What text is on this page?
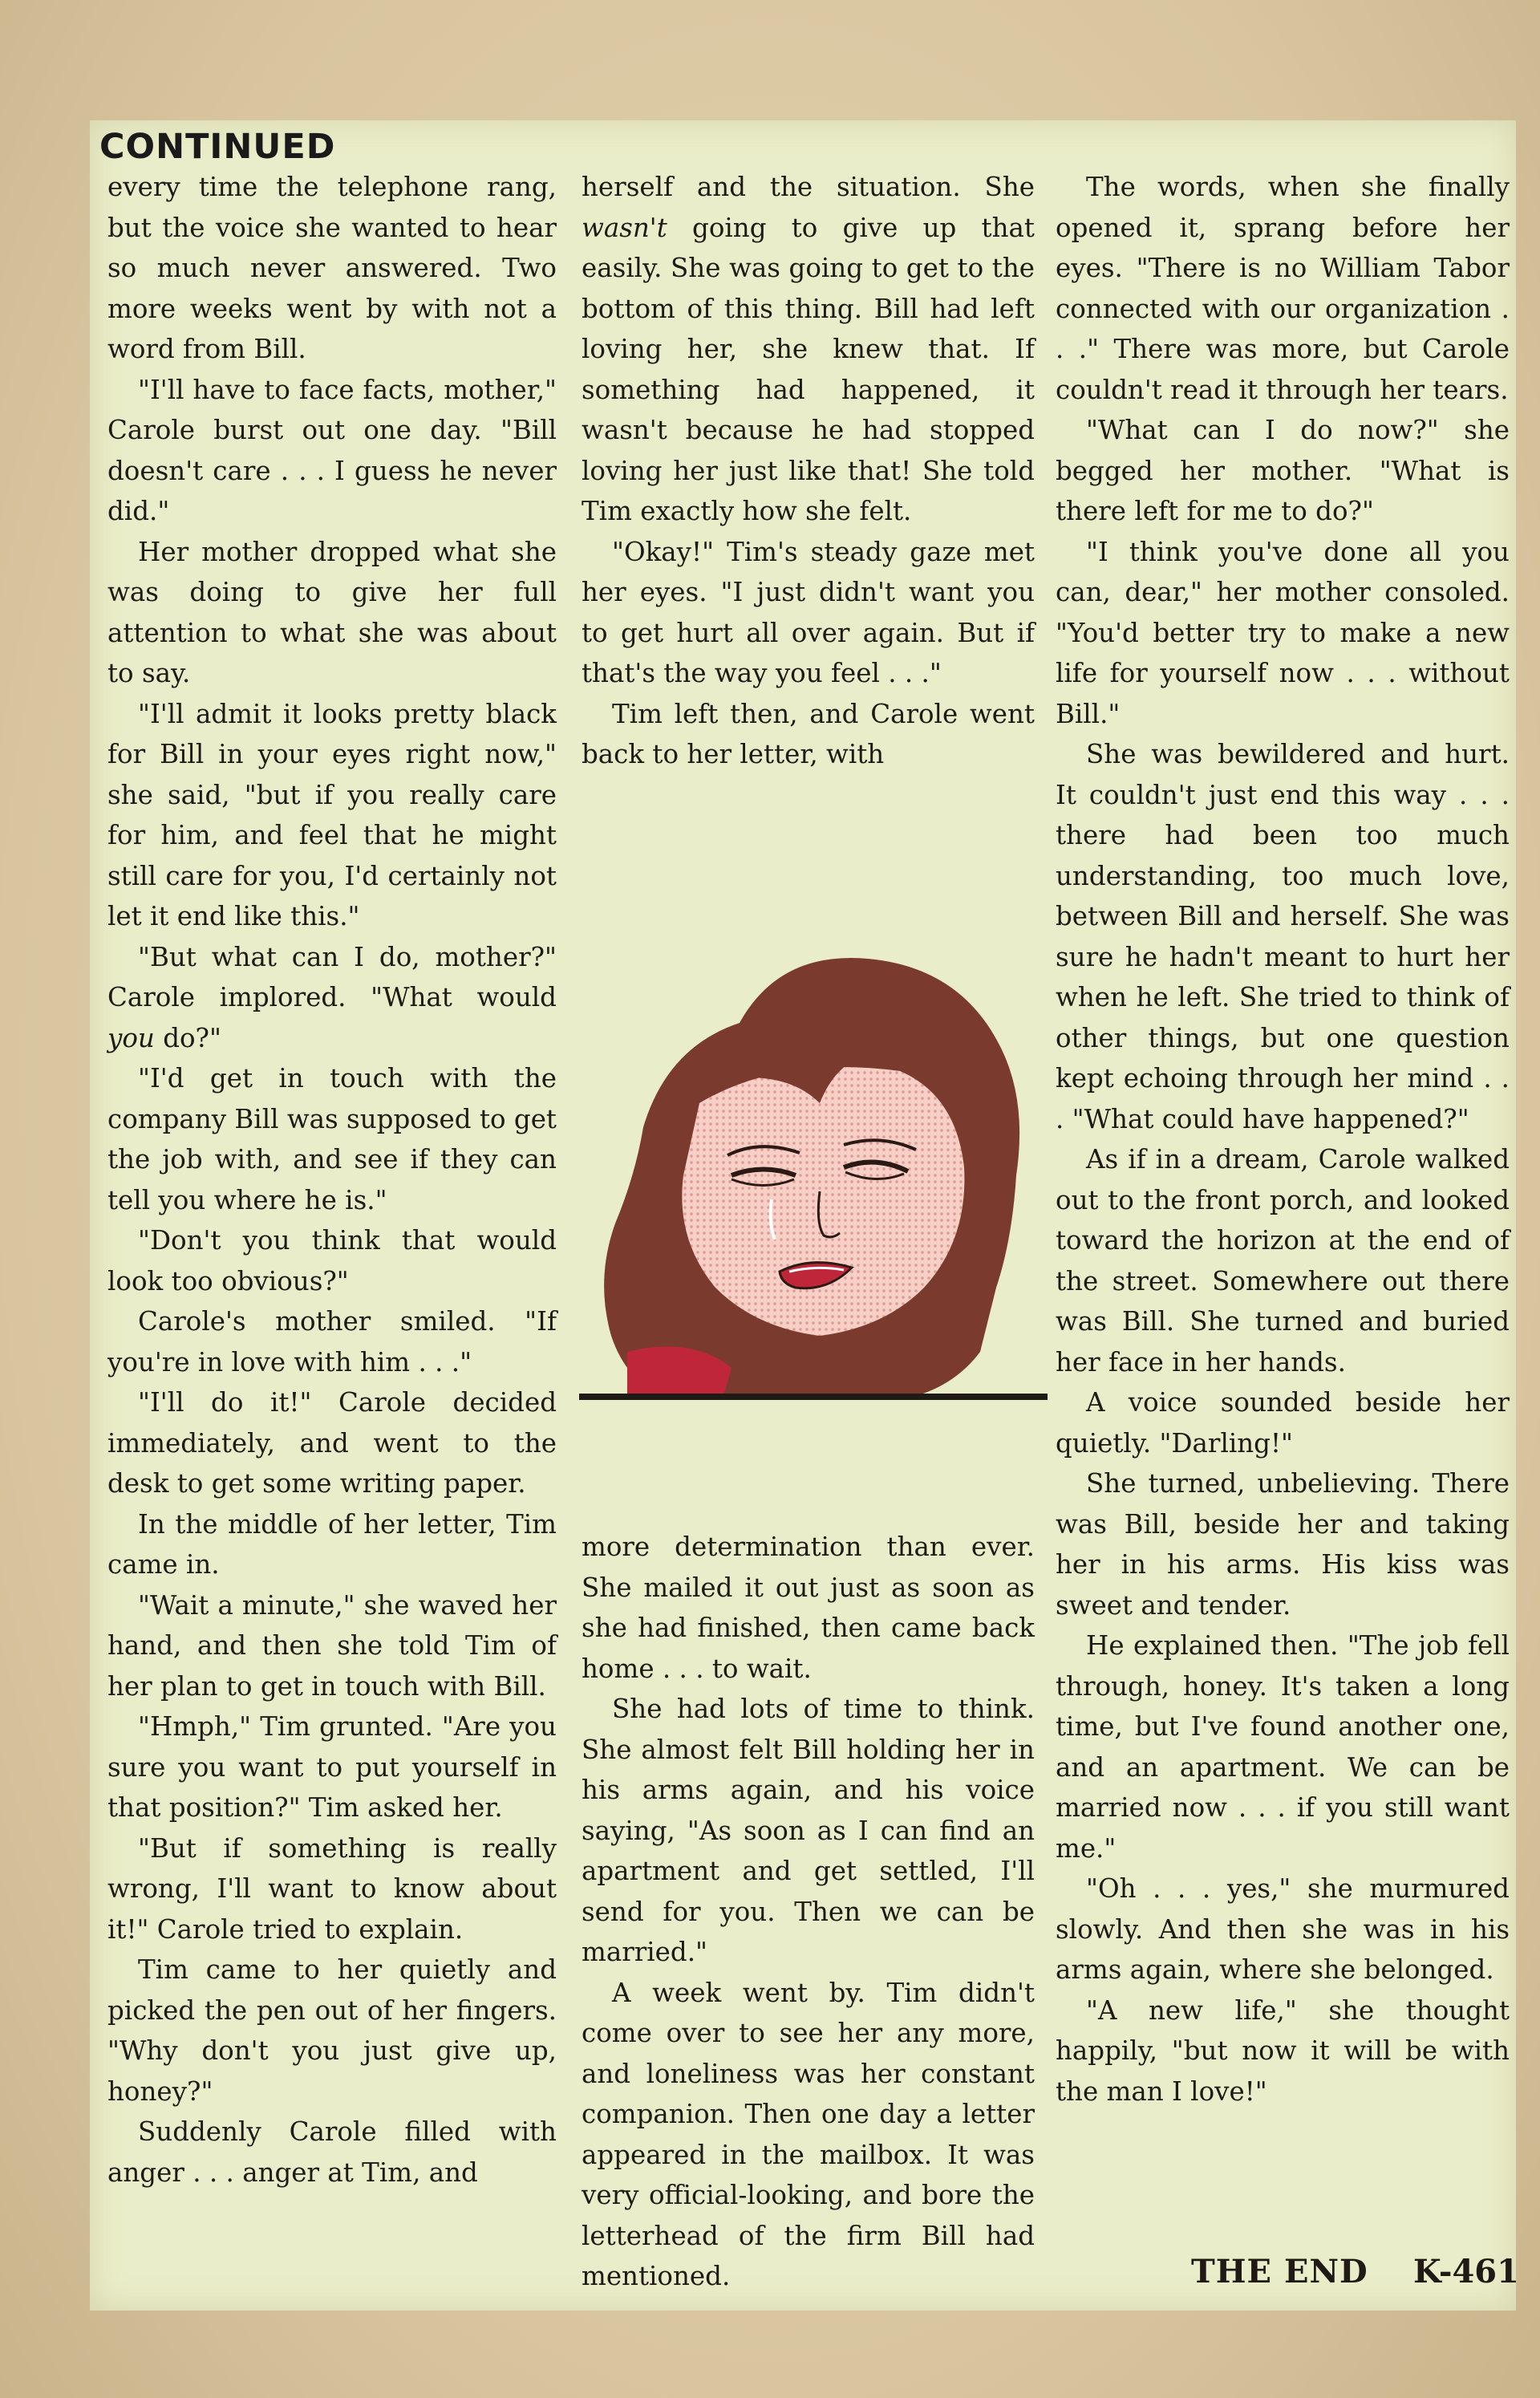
CONTINUED

every time the telephone rang, but the voice she wanted to hear so much never answered. Two more weeks went by with not a word from Bill.

"I'll have to face facts, mother," Carole burst out one day. "Bill doesn't care . . . I guess he never did."

Her mother dropped what she was doing to give her full attention to what she was about to say.

"I'll admit it looks pretty black for Bill in your eyes right now," she said, "but if you really care for him, and feel that he might still care for you, I'd certainly not let it end like this."

"But what can I do, mother?" Carole implored. "What would you do?"

"I'd get in touch with the company Bill was supposed to get the job with, and see if they can tell you where he is."

"Don't you think that would look too obvious?"

Carole's mother smiled. "If you're in love with him . . ."

"I'll do it!" Carole decided immediately, and went to the desk to get some writing paper.

In the middle of her letter, Tim came in.

"Wait a minute," she waved her hand, and then she told Tim of her plan to get in touch with Bill.

"Hmph," Tim grunted. "Are you sure you want to put yourself in that position?" Tim asked her.

"But if something is really wrong, I'll want to know about it!" Carole tried to explain.

Tim came to her quietly and picked the pen out of her fingers. "Why don't you just give up, honey?"

Suddenly Carole filled with anger . . . anger at Tim, and

herself and the situation. She wasn't going to give up that easily. She was going to get to the bottom of this thing. Bill had left loving her, she knew that. If something had happened, it wasn't because he had stopped loving her just like that! She told Tim exactly how she felt.

"Okay!" Tim's steady gaze met her eyes. "I just didn't want you to get hurt all over again. But if that's the way you feel . . ."

Tim left then, and Carole went back to her letter, with

more determination than ever. She mailed it out just as soon as she had finished, then came back home . . . to wait.

She had lots of time to think. She almost felt Bill holding her in his arms again, and his voice saying, "As soon as I can find an apartment and get settled, I'll send for you. Then we can be married."

A week went by. Tim didn't come over to see her any more, and loneliness was her constant companion. Then one day a letter appeared in the mailbox. It was very official-looking, and bore the letterhead of the firm Bill had mentioned.

The words, when she finally opened it, sprang before her eyes. "There is no William Tabor connected with our organization . . ." There was more, but Carole couldn't read it through her tears.

"What can I do now?" she begged her mother. "What is there left for me to do?"

"I think you've done all you can, dear," her mother consoled. "You'd better try to make a new life for yourself now . . . without Bill."

She was bewildered and hurt. It couldn't just end this way . . . there had been too much understanding, too much love, between Bill and herself. She was sure he hadn't meant to hurt her when he left. She tried to think of other things, but one question kept echoing through her mind . . . "What could have happened?"

As if in a dream, Carole walked out to the front porch, and looked toward the horizon at the end of the street. Somewhere out there was Bill. She turned and buried her face in her hands.

A voice sounded beside her quietly. "Darling!"

She turned, unbelieving. There was Bill, beside her and taking her in his arms. His kiss was sweet and tender.

He explained then. "The job fell through, honey. It's taken a long time, but I've found another one, and an apartment. We can be married now . . . if you still want me."

"Oh . . . yes," she murmured slowly. And then she was in his arms again, where she belonged.

"A new life," she thought happily, "but now it will be with the man I love!"

THE END K-461
